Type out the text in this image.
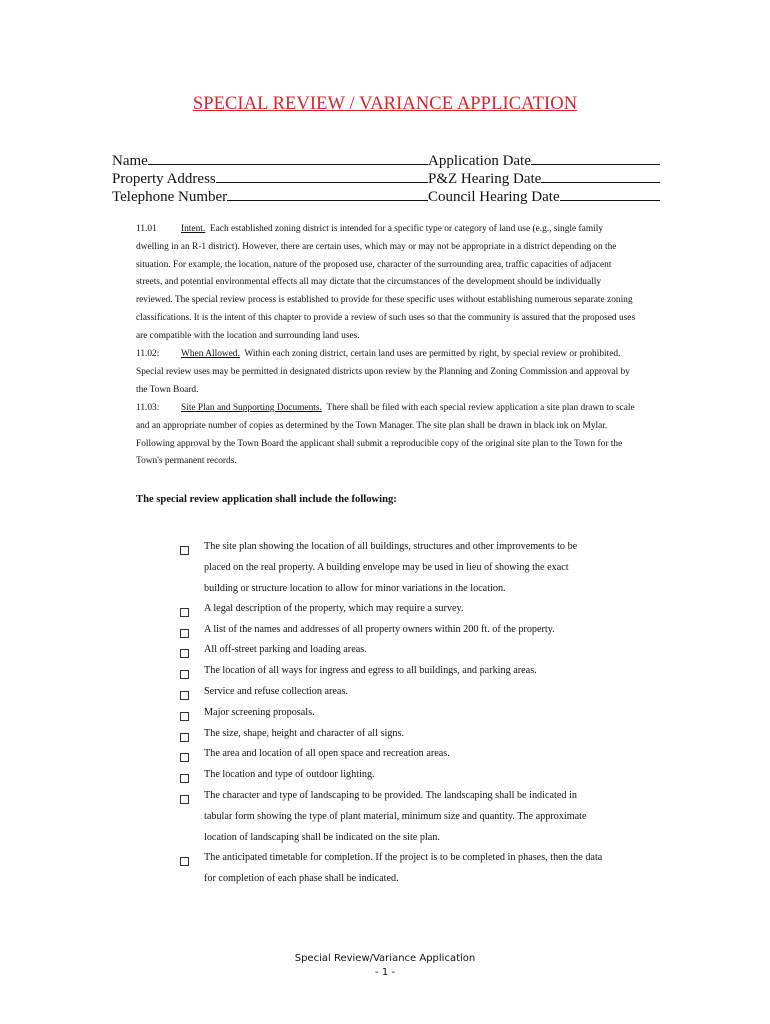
SPECIAL REVIEW / VARIANCE APPLICATION
Name	Application Date
Property Address	P&Z Hearing Date
Telephone Number	Council Hearing Date

11.01	Intent. Each established zoning district is intended for a specific type or category of land use (e.g., single family dwelling in an R-1 district). However, there are certain uses, which may or may not be appropriate in a district depending on the situation. For example, the location, nature of the proposed use, character of the surrounding area, traffic capacities of adjacent streets, and potential environmental effects all may dictate that the circumstances of the development should be individually reviewed. The special review process is established to provide for these specific uses without establishing numerous separate zoning classifications. It is the intent of this chapter to provide a review of such uses so that the community is assured that the proposed uses are compatible with the location and surrounding land uses.

11.02: When Allowed. Within each zoning district, certain land uses are permitted by right, by special review or prohibited. Special review uses may be permitted in designated districts upon review by the Planning and Zoning Commission and approval by the Town Board.

11.03: Site Plan and Supporting Documents. There shall be filed with each special review application a site plan drawn to scale and an appropriate number of copies as determined by the Town Manager. The site plan shall be drawn in black ink on Mylar. Following approval by the Town Board the applicant shall submit a reproducible copy of the original site plan to the Town for the Town's permanent records.

The special review application shall include the following:
The site plan showing the location of all buildings, structures and other improvements to be placed on the real property. A building envelope may be used in lieu of showing the exact building or structure location to allow for minor variations in the location.
A legal description of the property, which may require a survey.
A list of the names and addresses of all property owners within 200 ft. of the property.
All off-street parking and loading areas.
The location of all ways for ingress and egress to all buildings, and parking areas.
Service and refuse collection areas.
Major screening proposals.
The size, shape, height and character of all signs.
The area and location of all open space and recreation areas.
The location and type of outdoor lighting.
The character and type of landscaping to be provided. The landscaping shall be indicated in tabular form showing the type of plant material, minimum size and quantity. The approximate location of landscaping shall be indicated on the site plan.
The anticipated timetable for completion. If the project is to be completed in phases, then the data for completion of each phase shall be indicated.
Special Review/Variance Application
- 1 -
